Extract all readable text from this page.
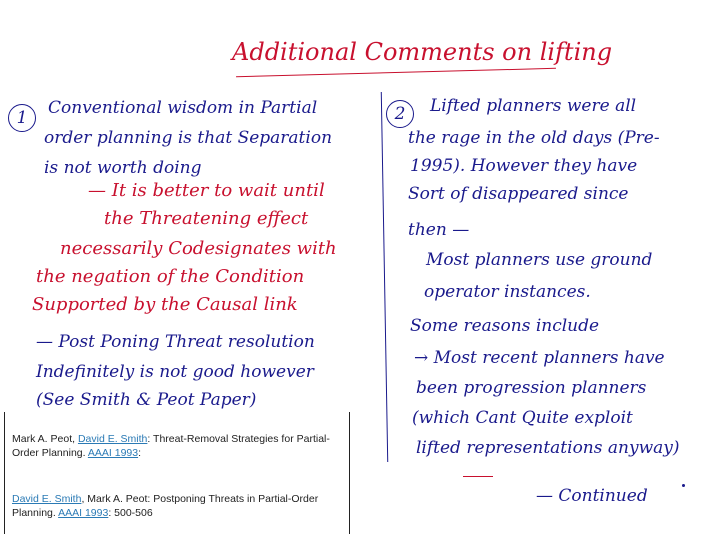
Additional Comments on lifting
1	Conventional wisdom in Partial
order planning is that Separation
is not worth doing
— It is better to wait until
the Threatening effect
necessarily Codesignates with
the negation of the Condition
Supported by the Causal link
— Post Poning Threat resolution
Indefinitely is not good however
(See Smith & Peot Paper)
2	Lifted planners were all
the rage in the old days (Pre-
1995). However they have
Sort of disappeared since
then —
Most planners use ground
operator instances.
Some reasons include
→ Most recent planners have
been progression planners
(which Cant Quite exploit
lifted representations anyway)
— Continued
Mark A. Peot, David E. Smith: Threat-Removal Strategies for Partial-Order Planning. AAAI 1993:
David E. Smith, Mark A. Peot: Postponing Threats in Partial-Order Planning. AAAI 1993: 500-506
